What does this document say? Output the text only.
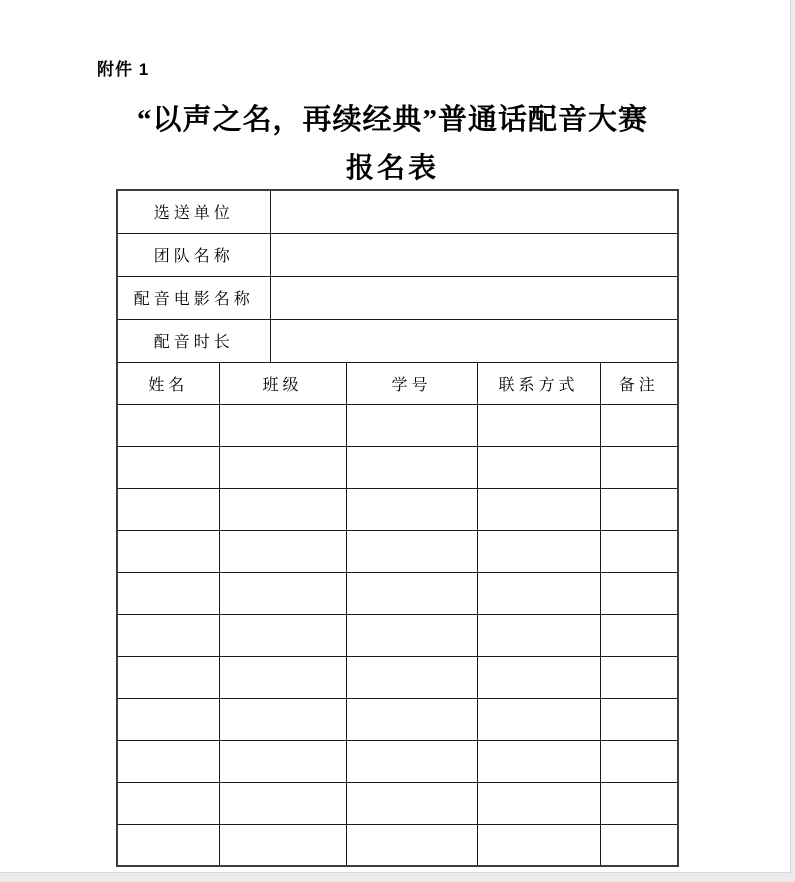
附件 1
“以声之名，再续经典”普通话配音大赛
报名表
选送单位					
团队名称					
配音电影名称					
配音时长					
姓名	班级		学号	联系方式	备注
